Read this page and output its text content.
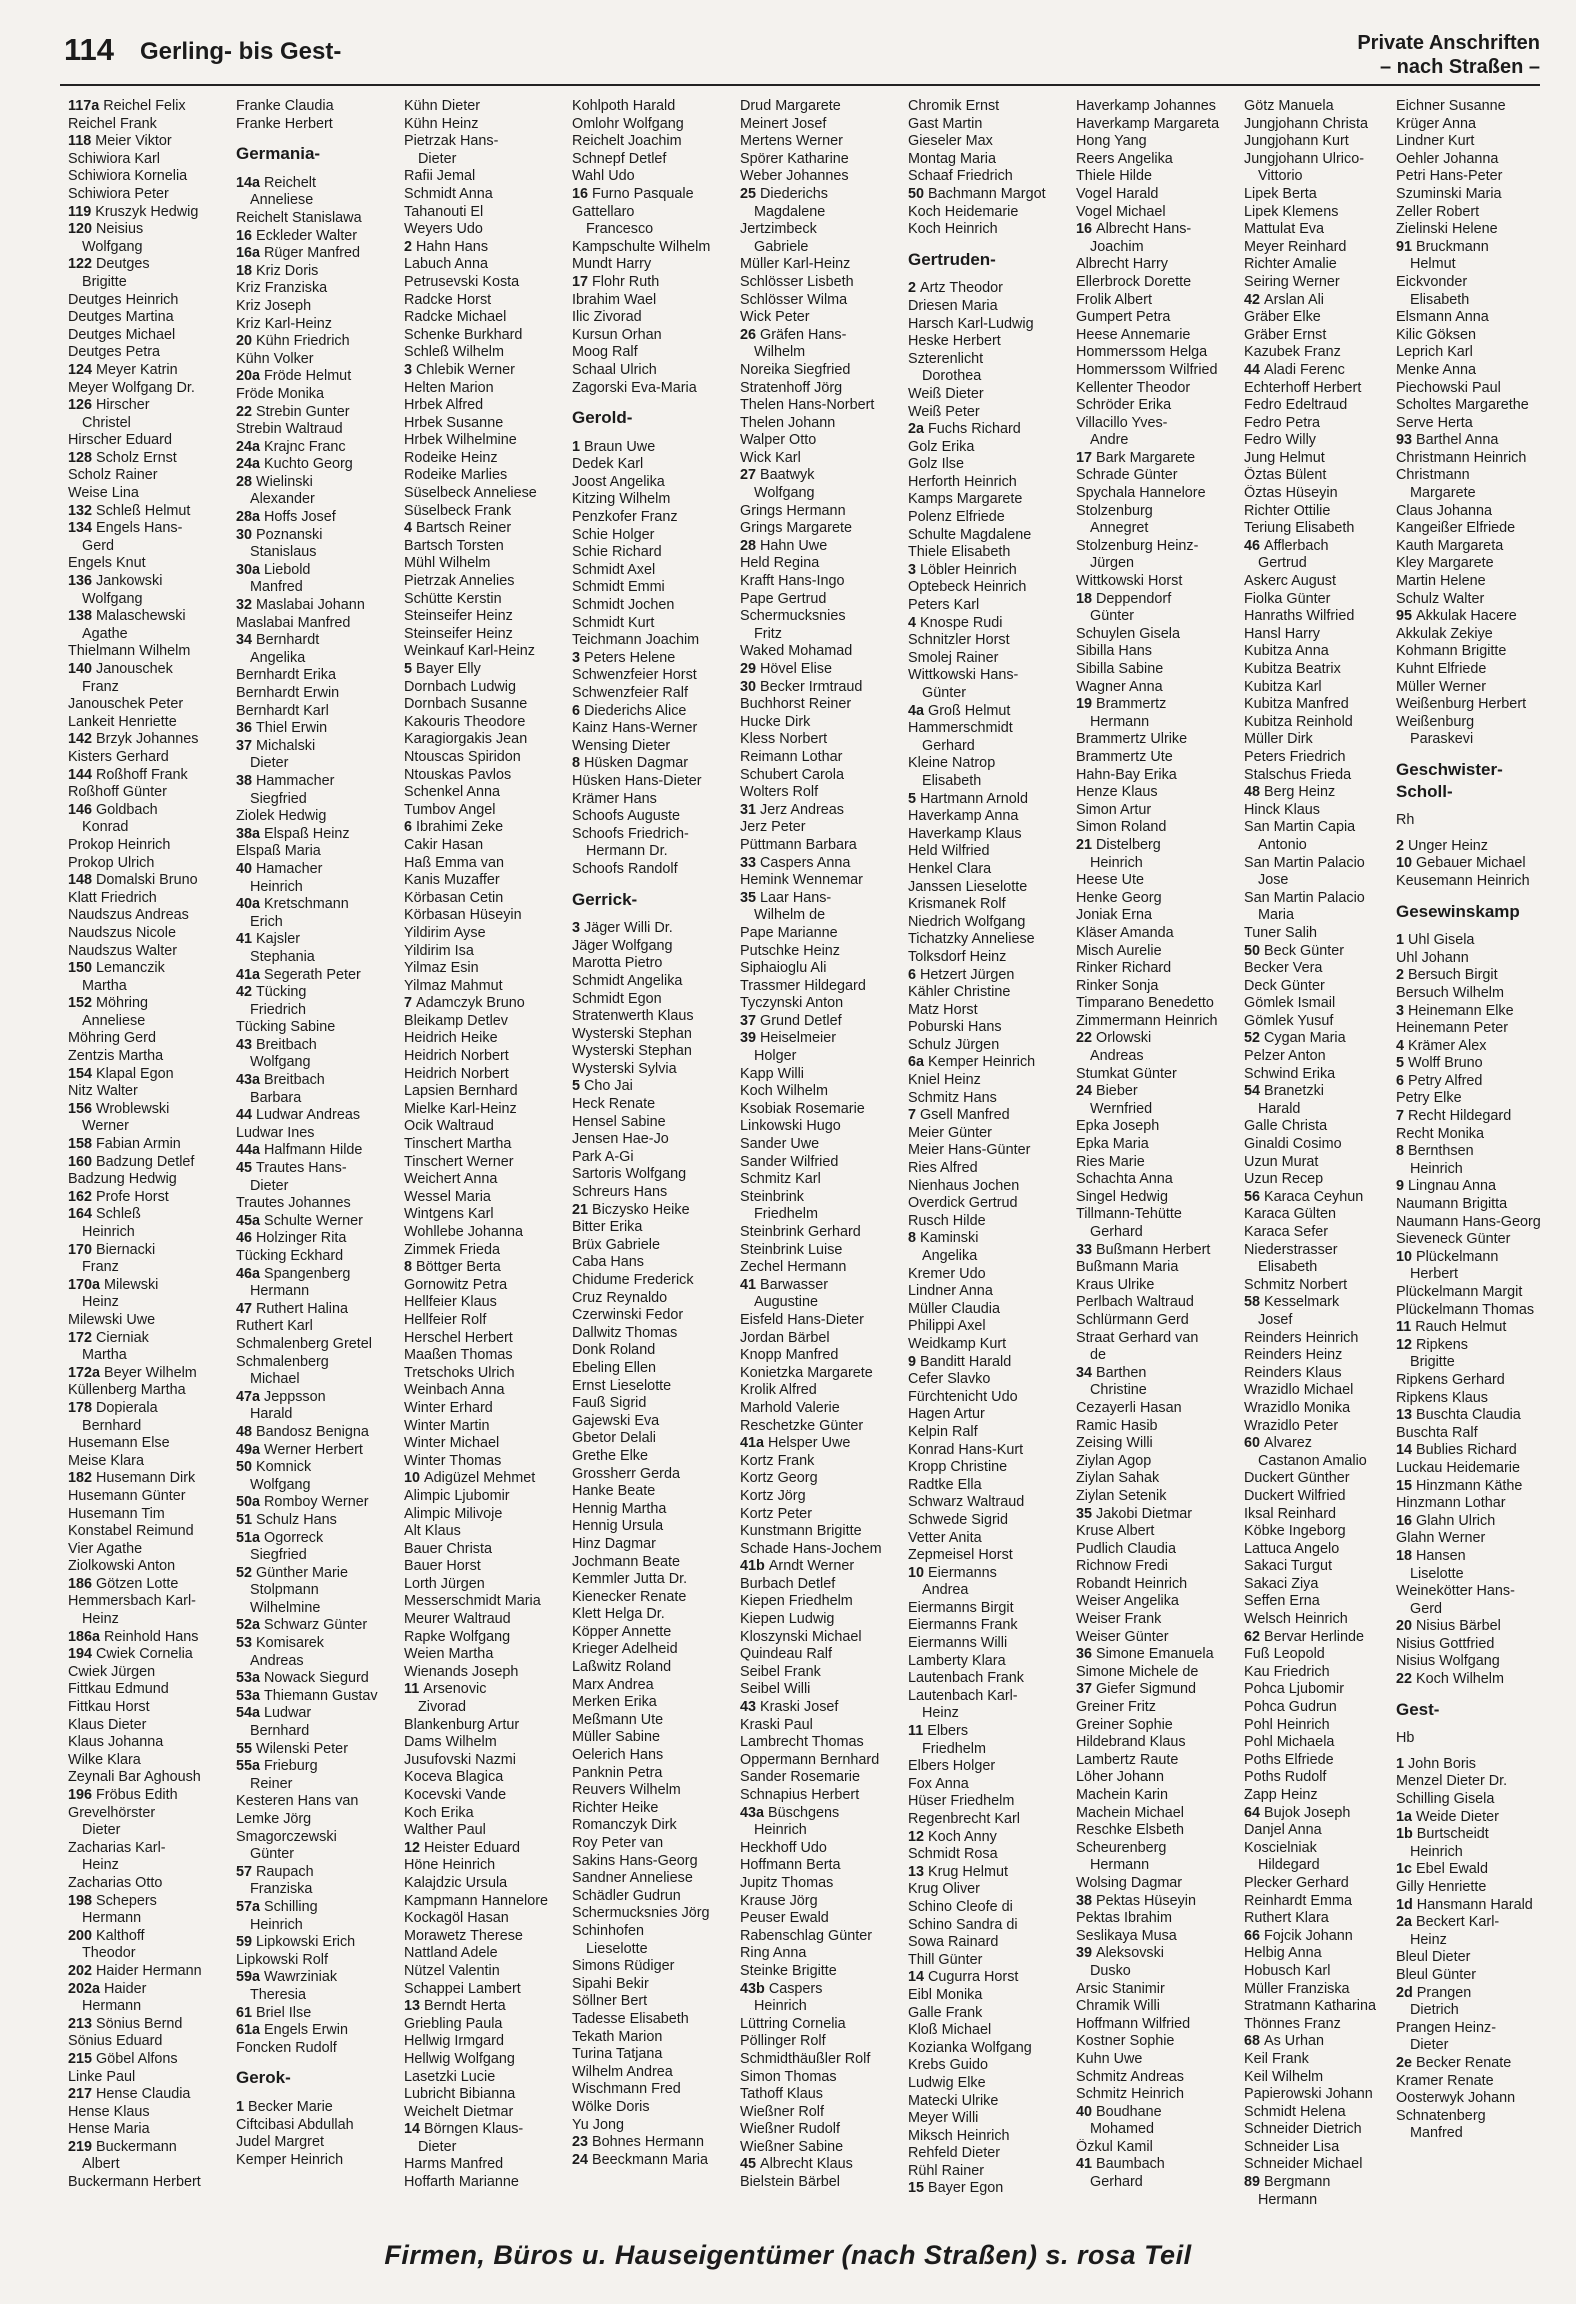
114 Gerling- bis Gest-	Private Anschriften
– nach Straßen –
117a Reichel Felix
Reichel Frank
118 Meier Viktor
Schiwiora Karl
Schiwiora Kornelia
Schiwiora Peter
119 Kruszyk Hedwig
120 Neisius
Wolfgang
122 Deutges
Brigitte
Deutges Heinrich
Deutges Martina
Deutges Michael
Deutges Petra
124 Meyer Katrin
Meyer Wolfgang Dr.
126 Hirscher
Christel
Hirscher Eduard
128 Scholz Ernst
Scholz Rainer
Weise Lina
132 Schleß Helmut
134 Engels Hans-
Gerd
Engels Knut
136 Jankowski
Wolfgang
138 Malaschewski
Agathe
Thielmann Wilhelm
140 Janouschek
Franz
Janouschek Peter
Lankeit Henriette
142 Brzyk Johannes
Kisters Gerhard
144 Roßhoff Frank
Roßhoff Günter
146 Goldbach
Konrad
Prokop Heinrich
Prokop Ulrich
148 Domalski Bruno
Klatt Friedrich
Naudszus Andreas
Naudszus Nicole
Naudszus Walter
150 Lemanczik
Martha
152 Möhring
Anneliese
Möhring Gerd
Zentzis Martha
154 Klapal Egon
Nitz Walter
156 Wroblewski
Werner
158 Fabian Armin
160 Badzung Detlef
Badzung Hedwig
162 Profe Horst
164 Schleß
Heinrich
170 Biernacki
Franz
170a Milewski
Heinz
Milewski Uwe
172 Cierniak
Martha
172a Beyer Wilhelm
Küllenberg Martha
178 Dopierala
Bernhard
Husemann Else
Meise Klara
182 Husemann Dirk
Husemann Günter
Husemann Tim
Konstabel Reimund
Vier Agathe
Ziolkowski Anton
186 Götzen Lotte
Hemmersbach Karl-
Heinz
186a Reinhold Hans
194 Cwiek Cornelia
Cwiek Jürgen
Fittkau Edmund
Fittkau Horst
Klaus Dieter
Klaus Johanna
Wilke Klara
Zeynali Bar Aghoush
196 Fröbus Edith
Grevelhörster
Dieter
Zacharias Karl-
Heinz
Zacharias Otto
198 Schepers
Hermann
200 Kalthoff
Theodor
202 Haider Hermann
202a Haider
Hermann
213 Sönius Bernd
Sönius Eduard
215 Göbel Alfons
Linke Paul
217 Hense Claudia
Hense Klaus
Hense Maria
219 Buckermann
Albert
Buckermann Herbert
Franke Claudia
Franke Herbert
Germania-
14a Reichelt
Anneliese
Reichelt Stanislawa
16 Eckleder Walter
16a Rüger Manfred
18 Kriz Doris
Kriz Franziska
Kriz Joseph
Kriz Karl-Heinz
20 Kühn Friedrich
Kühn Volker
20a Fröde Helmut
Fröde Monika
22 Strebin Gunter
Strebin Waltraud
24a Krajnc Franc
24a Kuchto Georg
28 Wielinski
Alexander
28a Hoffs Josef
30 Poznanski
Stanislaus
30a Liebold
Manfred
32 Maslabai Johann
Maslabai Manfred
34 Bernhardt
Angelika
Bernhardt Erika
Bernhardt Erwin
Bernhardt Karl
36 Thiel Erwin
37 Michalski
Dieter
38 Hammacher
Siegfried
Ziolek Hedwig
38a Elspaß Heinz
Elspaß Maria
40 Hamacher
Heinrich
40a Kretschmann
Erich
41 Kajsler
Stephania
41a Segerath Peter
42 Tücking
Friedrich
Tücking Sabine
43 Breitbach
Wolfgang
43a Breitbach
Barbara
44 Ludwar Andreas
Ludwar Ines
44a Halfmann Hilde
45 Trautes Hans-
Dieter
Trautes Johannes
45a Schulte Werner
46 Holzinger Rita
Tücking Eckhard
46a Spangenberg
Hermann
47 Ruthert Halina
Ruthert Karl
Schmalenberg Gretel
Schmalenberg
Michael
47a Jeppsson
Harald
48 Bandosz Benigna
49a Werner Herbert
50 Komnick
Wolfgang
50a Romboy Werner
51 Schulz Hans
51a Ogorreck
Siegfried
52 Günther Marie
Stolpmann
Wilhelmine
52a Schwarz Günter
53 Komisarek
Andreas
53a Nowack Siegurd
53a Thiemann Gustav
54a Ludwar
Bernhard
55 Wilenski Peter
55a Frieburg
Reiner
Kesteren Hans van
Lemke Jörg
Smagorczewski
Günter
57 Raupach
Franziska
57a Schilling
Heinrich
59 Lipkowski Erich
Lipkowski Rolf
59a Wawrziniak
Theresia
61 Briel Ilse
61a Engels Erwin
Foncken Rudolf
Gerok-
1 Becker Marie
Ciftcibasi Abdullah
Judel Margret
Kemper Heinrich
Kühn Dieter
Kühn Heinz
Pietrzak Hans-
Dieter
Rafii Jemal
Schmidt Anna
Tahanouti El
Weyers Udo
2 Hahn Hans
Labuch Anna
Petrusevski Kosta
Radcke Horst
Radcke Michael
Schenke Burkhard
Schleß Wilhelm
3 Chlebik Werner
Helten Marion
Hrbek Alfred
Hrbek Susanne
Hrbek Wilhelmine
Rodeike Heinz
Rodeike Marlies
Süselbeck Anneliese
Süselbeck Frank
4 Bartsch Reiner
Bartsch Torsten
Mühl Wilhelm
Pietrzak Annelies
Schütte Kerstin
Steinseifer Heinz
Steinseifer Heinz
Weinkauf Karl-Heinz
5 Bayer Elly
Dornbach Ludwig
Dornbach Susanne
Kakouris Theodore
Karagiorgakis Jean
Ntouscas Spiridon
Ntouskas Pavlos
Schenkel Anna
Tumbov Angel
6 Ibrahimi Zeke
Cakir Hasan
Haß Emma van
Kanis Muzaffer
Körbasan Cetin
Körbasan Hüseyin
Yildirim Ayse
Yildirim Isa
Yilmaz Esin
Yilmaz Mahmut
7 Adamczyk Bruno
Bleikamp Detlev
Heidrich Heike
Heidrich Norbert
Heidrich Norbert
Lapsien Bernhard
Mielke Karl-Heinz
Ocik Waltraud
Tinschert Martha
Tinschert Werner
Weichert Anna
Wessel Maria
Wintgens Karl
Wohllebe Johanna
Zimmek Frieda
8 Böttger Berta
Gornowitz Petra
Hellfeier Klaus
Hellfeier Rolf
Herschel Herbert
Maaßen Thomas
Tretschoks Ulrich
Weinbach Anna
Winter Erhard
Winter Martin
Winter Michael
Winter Thomas
10 Adigüzel Mehmet
Alimpic Ljubomir
Alimpic Milivoje
Alt Klaus
Bauer Christa
Bauer Horst
Lorth Jürgen
Messerschmidt Maria
Meurer Waltraud
Rapke Wolfgang
Weien Martha
Wienands Joseph
11 Arsenovic
Zivorad
Blankenburg Artur
Dams Wilhelm
Jusufovski Nazmi
Koceva Blagica
Kocevski Vande
Koch Erika
Walther Paul
12 Heister Eduard
Höne Heinrich
Kalajdzic Ursula
Kampmann Hannelore
Kockagöl Hasan
Morawetz Therese
Nattland Adele
Nützel Valentin
Schappei Lambert
13 Berndt Herta
Griebling Paula
Hellwig Irmgard
Hellwig Wolfgang
Lasetzki Lucie
Lubricht Bibianna
Weichelt Dietmar
14 Börngen Klaus-
Dieter
Harms Manfred
Hoffarth Marianne
Kohlpoth Harald
Omlohr Wolfgang
Reichelt Joachim
Schnepf Detlef
Wahl Udo
16 Furno Pasquale
Gattellaro
Francesco
Kampschulte Wilhelm
Mundt Harry
17 Flohr Ruth
Ibrahim Wael
Ilic Zivorad
Kursun Orhan
Moog Ralf
Schaal Ulrich
Zagorski Eva-Maria
Gerold-
1 Braun Uwe
Dedek Karl
Joost Angelika
Kitzing Wilhelm
Penzkofer Franz
Schie Holger
Schie Richard
Schmidt Axel
Schmidt Emmi
Schmidt Jochen
Schmidt Kurt
Teichmann Joachim
3 Peters Helene
Schwenzfeier Horst
Schwenzfeier Ralf
6 Diederichs Alice
Kainz Hans-Werner
Wensing Dieter
8 Hüsken Dagmar
Hüsken Hans-Dieter
Krämer Hans
Schoofs Auguste
Schoofs Friedrich-
Hermann Dr.
Schoofs Randolf
Gerrick-
3 Jäger Willi Dr.
Jäger Wolfgang
Marotta Pietro
Schmidt Angelika
Schmidt Egon
Stratenwerth Klaus
Wysterski Stephan
Wysterski Stephan
Wysterski Sylvia
5 Cho Jai
Heck Renate
Hensel Sabine
Jensen Hae-Jo
Park A-Gi
Sartoris Wolfgang
Schreurs Hans
21 Biczysko Heike
Bitter Erika
Brüx Gabriele
Caba Hans
Chidume Frederick
Cruz Reynaldo
Czerwinski Fedor
Dallwitz Thomas
Donk Roland
Ebeling Ellen
Ernst Lieselotte
Fauß Sigrid
Gajewski Eva
Gbetor Delali
Grethe Elke
Grossherr Gerda
Hanke Beate
Hennig Martha
Hennig Ursula
Hinz Dagmar
Jochmann Beate
Kemmler Jutta Dr.
Kienecker Renate
Klett Helga Dr.
Köpper Annette
Krieger Adelheid
Laßwitz Roland
Marx Andrea
Merken Erika
Meßmann Ute
Müller Sabine
Oelerich Hans
Panknin Petra
Reuvers Wilhelm
Richter Heike
Romanczyk Dirk
Roy Peter van
Sakins Hans-Georg
Sandner Anneliese
Schädler Gudrun
Schermucksnies Jörg
Schinhofen
Lieselotte
Simons Rüdiger
Sipahi Bekir
Söllner Bert
Tadesse Elisabeth
Tekath Marion
Turina Tatjana
Wilhelm Andrea
Wischmann Fred
Wölke Doris
Yu Jong
23 Bohnes Hermann
24 Beeckmann Maria
Drud Margarete
Meinert Josef
Mertens Werner
Spörer Katharine
Weber Johannes
25 Diederichs
Magdalene
Jertzimbeck
Gabriele
Müller Karl-Heinz
Schlösser Lisbeth
Schlösser Wilma
Wick Peter
26 Gräfen Hans-
Wilhelm
Noreika Siegfried
Stratenhoff Jörg
Thelen Hans-Norbert
Thelen Johann
Walper Otto
Wick Karl
27 Baatwyk
Wolfgang
Grings Hermann
Grings Margarete
28 Hahn Uwe
Held Regina
Krafft Hans-Ingo
Pape Gertrud
Schermucksnies
Fritz
Waked Mohamad
29 Hövel Elise
30 Becker Irmtraud
Buchhorst Reiner
Hucke Dirk
Kless Norbert
Reimann Lothar
Schubert Carola
Wolters Rolf
31 Jerz Andreas
Jerz Peter
Püttmann Barbara
33 Caspers Anna
Hemink Wennemar
35 Laar Hans-
Wilhelm de
Pape Marianne
Putschke Heinz
Siphaioglu Ali
Trassmer Hildegard
Tyczynski Anton
37 Grund Detlef
39 Heiselmeier
Holger
Kapp Willi
Koch Wilhelm
Ksobiak Rosemarie
Linkowski Hugo
Sander Uwe
Sander Wilfried
Schmitz Karl
Steinbrink
Friedhelm
Steinbrink Gerhard
Steinbrink Luise
Zechel Hermann
41 Barwasser
Augustine
Eisfeld Hans-Dieter
Jordan Bärbel
Knopp Manfred
Konietzka Margarete
Krolik Alfred
Marhold Valerie
Reschetzke Günter
41a Helsper Uwe
Kortz Frank
Kortz Georg
Kortz Jörg
Kortz Peter
Kunstmann Brigitte
Schade Hans-Jochem
41b Arndt Werner
Burbach Detlef
Kiepen Friedhelm
Kiepen Ludwig
Kloszynski Michael
Quindeau Ralf
Seibel Frank
Seibel Willi
43 Kraski Josef
Kraski Paul
Lambrecht Thomas
Oppermann Bernhard
Sander Rosemarie
Schnapius Herbert
43a Büschgens
Heinrich
Heckhoff Udo
Hoffmann Berta
Jupitz Thomas
Krause Jörg
Peuser Ewald
Rabenschlag Günter
Ring Anna
Steinke Brigitte
43b Caspers
Heinrich
Lüttring Cornelia
Pöllinger Rolf
Schmidthäußler Rolf
Simon Thomas
Tathoff Klaus
Wießner Rolf
Wießner Rudolf
Wießner Sabine
45 Albrecht Klaus
Bielstein Bärbel
Chromik Ernst
Gast Martin
Gieseler Max
Montag Maria
Schaaf Friedrich
50 Bachmann Margot
Koch Heidemarie
Koch Heinrich
Gertruden-
2 Artz Theodor
Driesen Maria
Harsch Karl-Ludwig
Heske Herbert
Szterenlicht
Dorothea
Weiß Dieter
Weiß Peter
2a Fuchs Richard
Golz Erika
Golz Ilse
Herforth Heinrich
Kamps Margarete
Polenz Elfriede
Schulte Magdalene
Thiele Elisabeth
3 Löbler Heinrich
Optebeck Heinrich
Peters Karl
4 Knospe Rudi
Schnitzler Horst
Smolej Rainer
Wittkowski Hans-
Günter
4a Groß Helmut
Hammerschmidt
Gerhard
Kleine Natrop
Elisabeth
5 Hartmann Arnold
Haverkamp Anna
Haverkamp Klaus
Held Wilfried
Henkel Clara
Janssen Lieselotte
Krismanek Rolf
Niedrich Wolfgang
Tichatzky Anneliese
Tolksdorf Heinz
6 Hetzert Jürgen
Kähler Christine
Matz Horst
Poburski Hans
Schulz Jürgen
6a Kemper Heinrich
Kniel Heinz
Schmitz Hans
7 Gsell Manfred
Meier Günter
Meier Hans-Günter
Ries Alfred
Nienhaus Jochen
Overdick Gertrud
Rusch Hilde
8 Kaminski
Angelika
Kremer Udo
Lindner Anna
Müller Claudia
Philippi Axel
Weidkamp Kurt
9 Banditt Harald
Cefer Slavko
Fürchtenicht Udo
Hagen Artur
Kelpin Ralf
Konrad Hans-Kurt
Kropp Christine
Radtke Ella
Schwarz Waltraud
Schwede Sigrid
Vetter Anita
Zepmeisel Horst
10 Eiermanns
Andrea
Eiermanns Birgit
Eiermanns Frank
Eiermanns Willi
Lamberty Klara
Lautenbach Frank
Lautenbach Karl-
Heinz
11 Elbers
Friedhelm
Elbers Holger
Fox Anna
Hüser Friedhelm
Regenbrecht Karl
12 Koch Anny
Schmidt Rosa
13 Krug Helmut
Krug Oliver
Schino Cleofe di
Schino Sandra di
Sowa Rainard
Thill Günter
14 Cugurra Horst
Eibl Monika
Galle Frank
Kloß Michael
Kozianka Wolfgang
Krebs Guido
Ludwig Elke
Matecki Ulrike
Meyer Willi
Miksch Heinrich
Rehfeld Dieter
Rühl Rainer
15 Bayer Egon
Haverkamp Johannes
Haverkamp Margareta
Hong Yang
Reers Angelika
Thiele Hilde
Vogel Harald
Vogel Michael
16 Albrecht Hans-
Joachim
Albrecht Harry
Ellerbrock Dorette
Frolik Albert
Gumpert Petra
Heese Annemarie
Hommerssom Helga
Hommerssom Wilfried
Kellenter Theodor
Schröder Erika
Villacillo Yves-
Andre
17 Bark Margarete
Schrade Günter
Spychala Hannelore
Stolzenburg
Annegret
Stolzenburg Heinz-
Jürgen
Wittkowski Horst
18 Deppendorf
Günter
Schuylen Gisela
Sibilla Hans
Sibilla Sabine
Wagner Anna
19 Brammertz
Hermann
Brammertz Ulrike
Brammertz Ute
Hahn-Bay Erika
Henze Klaus
Simon Artur
Simon Roland
21 Distelberg
Heinrich
Heese Ute
Henke Georg
Joniak Erna
Kläser Amanda
Misch Aurelie
Rinker Richard
Rinker Sonja
Timparano Benedetto
Zimmermann Heinrich
22 Orlowski
Andreas
Stumkat Günter
24 Bieber
Wernfried
Epka Joseph
Epka Maria
Ries Marie
Schachta Anna
Singel Hedwig
Tillmann-Tehütte
Gerhard
33 Bußmann Herbert
Bußmann Maria
Kraus Ulrike
Perlbach Waltraud
Schlürmann Gerd
Straat Gerhard van
de
34 Barthen
Christine
Cezayerli Hasan
Ramic Hasib
Zeising Willi
Ziylan Agop
Ziylan Sahak
Ziylan Setenik
35 Jakobi Dietmar
Kruse Albert
Pudlich Claudia
Richnow Fredi
Robandt Heinrich
Weiser Angelika
Weiser Frank
Weiser Günter
36 Simone Emanuela
Simone Michele de
37 Giefer Sigmund
Greiner Fritz
Greiner Sophie
Hildebrand Klaus
Lambertz Raute
Löher Johann
Machein Karin
Machein Michael
Reschke Elsbeth
Scheurenberg
Hermann
Wolsing Dagmar
38 Pektas Hüseyin
Pektas Ibrahim
Seslikaya Musa
39 Aleksovski
Dusko
Arsic Stanimir
Chramik Willi
Hoffmann Wilfried
Kostner Sophie
Kuhn Uwe
Schmitz Andreas
Schmitz Heinrich
40 Boudhane
Mohamed
Özkul Kamil
41 Baumbach
Gerhard
Götz Manuela
Jungjohann Christa
Jungjohann Kurt
Jungjohann Ulrico-
Vittorio
Lipek Berta
Lipek Klemens
Mattulat Eva
Meyer Reinhard
Richter Amalie
Seiring Werner
42 Arslan Ali
Gräber Elke
Gräber Ernst
Kazubek Franz
44 Aladi Ferenc
Echterhoff Herbert
Fedro Edeltraud
Fedro Petra
Fedro Willy
Jung Helmut
Öztas Bülent
Öztas Hüseyin
Richter Ottilie
Teriung Elisabeth
46 Afflerbach
Gertrud
Askerc August
Fiolka Günter
Hanraths Wilfried
Hansl Harry
Kubitza Anna
Kubitza Beatrix
Kubitza Karl
Kubitza Manfred
Kubitza Reinhold
Müller Dirk
Peters Friedrich
Stalschus Frieda
48 Berg Heinz
Hinck Klaus
San Martin Capia
Antonio
San Martin Palacio
Jose
San Martin Palacio
Maria
Tuner Salih
50 Beck Günter
Becker Vera
Deck Günter
Gömlek Ismail
Gömlek Yusuf
52 Cygan Maria
Pelzer Anton
Schwind Erika
54 Branetzki
Harald
Galle Christa
Ginaldi Cosimo
Uzun Murat
Uzun Recep
56 Karaca Ceyhun
Karaca Gülten
Karaca Sefer
Niederstrasser
Elisabeth
Schmitz Norbert
58 Kesselmark
Josef
Reinders Heinrich
Reinders Heinz
Reinders Klaus
Wrazidlo Michael
Wrazidlo Monika
Wrazidlo Peter
60 Alvarez
Castanon Amalio
Duckert Günther
Duckert Wilfried
Iksal Reinhard
Köbke Ingeborg
Lattuca Angelo
Sakaci Turgut
Sakaci Ziya
Seffen Erna
Welsch Heinrich
62 Bervar Herlinde
Fuß Leopold
Kau Friedrich
Pohca Ljubomir
Pohca Gudrun
Pohl Heinrich
Pohl Michaela
Poths Elfriede
Poths Rudolf
Zapp Heinz
64 Bujok Joseph
Danjel Anna
Koscielniak
Hildegard
Plecker Gerhard
Reinhardt Emma
Ruthert Klara
66 Fojcik Johann
Helbig Anna
Hobusch Karl
Müller Franziska
Stratmann Katharina
Thönnes Franz
68 As Urhan
Keil Frank
Keil Wilhelm
Papierowski Johann
Schmidt Helena
Schneider Dietrich
Schneider Lisa
Schneider Michael
89 Bergmann
Hermann
Eichner Susanne
Krüger Anna
Lindner Kurt
Oehler Johanna
Petri Hans-Peter
Szuminski Maria
Zeller Robert
Zielinski Helene
91 Bruckmann
Helmut
Eickvonder
Elisabeth
Elsmann Anna
Kilic Göksen
Leprich Karl
Menke Anna
Piechowski Paul
Scholtes Margarethe
Serve Herta
93 Barthel Anna
Christmann Heinrich
Christmann
Margarete
Claus Johanna
Kangeißer Elfriede
Kauth Margareta
Kley Margarete
Martin Helene
Schulz Walter
95 Akkulak Hacere
Akkulak Zekiye
Kohmann Brigitte
Kuhnt Elfriede
Müller Werner
Weißenburg Herbert
Weißenburg
Paraskevi
Geschwister-
Scholl-
Rh
2 Unger Heinz
10 Gebauer Michael
Keusemann Heinrich
Gesewinskamp
1 Uhl Gisela
Uhl Johann
2 Bersuch Birgit
Bersuch Wilhelm
3 Heinemann Elke
Heinemann Peter
4 Krämer Alex
5 Wolff Bruno
6 Petry Alfred
Petry Elke
7 Recht Hildegard
Recht Monika
8 Bernthsen
Heinrich
9 Lingnau Anna
Naumann Brigitta
Naumann Hans-Georg
Sieveneck Günter
10 Plückelmann
Herbert
Plückelmann Margit
Plückelmann Thomas
11 Rauch Helmut
12 Ripkens
Brigitte
Ripkens Gerhard
Ripkens Klaus
13 Buschta Claudia
Buschta Ralf
14 Bublies Richard
Luckau Heidemarie
15 Hinzmann Käthe
Hinzmann Lothar
16 Glahn Ulrich
Glahn Werner
18 Hansen
Liselotte
Weinekötter Hans-
Gerd
20 Nisius Bärbel
Nisius Gottfried
Nisius Wolfgang
22 Koch Wilhelm
Gest-
Hb
1 John Boris
Menzel Dieter Dr.
Schilling Gisela
1a Weide Dieter
1b Burtscheidt
Heinrich
1c Ebel Ewald
Gilly Henriette
1d Hansmann Harald
2a Beckert Karl-
Heinz
Bleul Dieter
Bleul Günter
2d Prangen
Dietrich
Prangen Heinz-
Dieter
2e Becker Renate
Kramer Renate
Oosterwyk Johann
Schnatenberg
Manfred
Firmen, Büros u. Hauseigentümer (nach Straßen) s. rosa Teil
